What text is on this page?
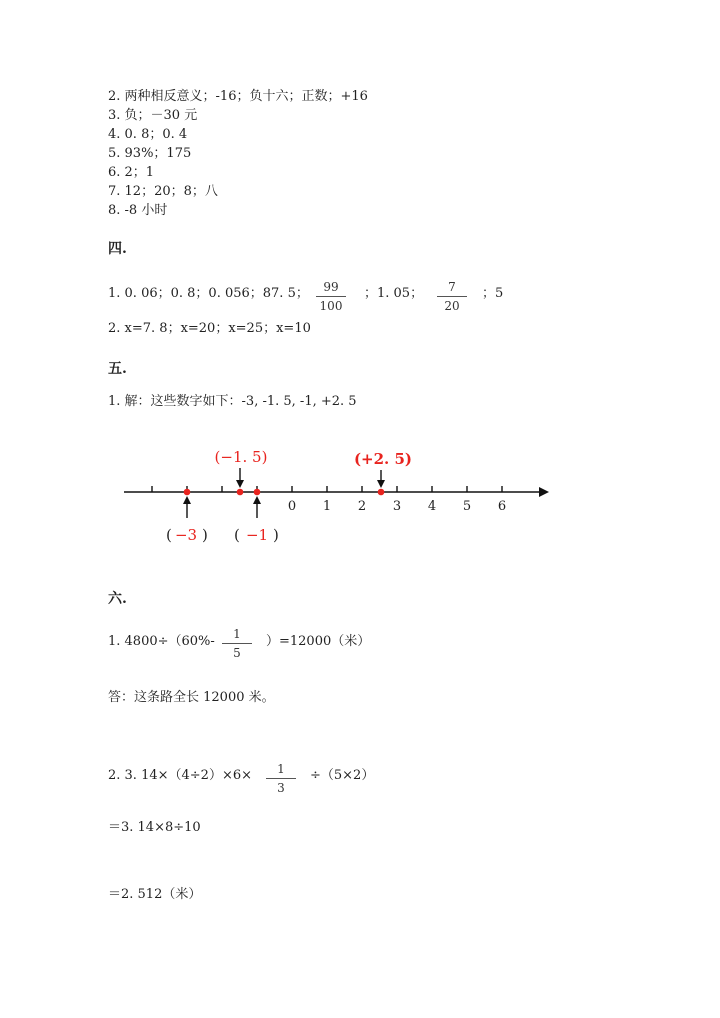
2. 两种相反意义；-16；负十六；正数；+16
3. 负；－30 元
4. 0. 8；0. 4
5. 93%；175
6. 2；1
7. 12；20；8；八
8. -8 小时
四.
1. 0. 06；0. 8；0. 056；87. 5；	99
100
；1. 05；	7
20
；5
2. x=7. 8；x=20；x=25；x=10
五.
1. 解：这些数字如下：-3, -1. 5, -1, +2. 5
0 1 2 3 4 5 6
(−1. 5)	(+2. 5)
( −3 ) ( −1 )
六.
1. 4800÷（60%-	1
5
）=12000（米）
答：这条路全长 12000 米。
2. 3. 14×（4÷2）×6×	1
3
÷（5×2）
＝3. 14×8÷10
＝2. 512（米）
